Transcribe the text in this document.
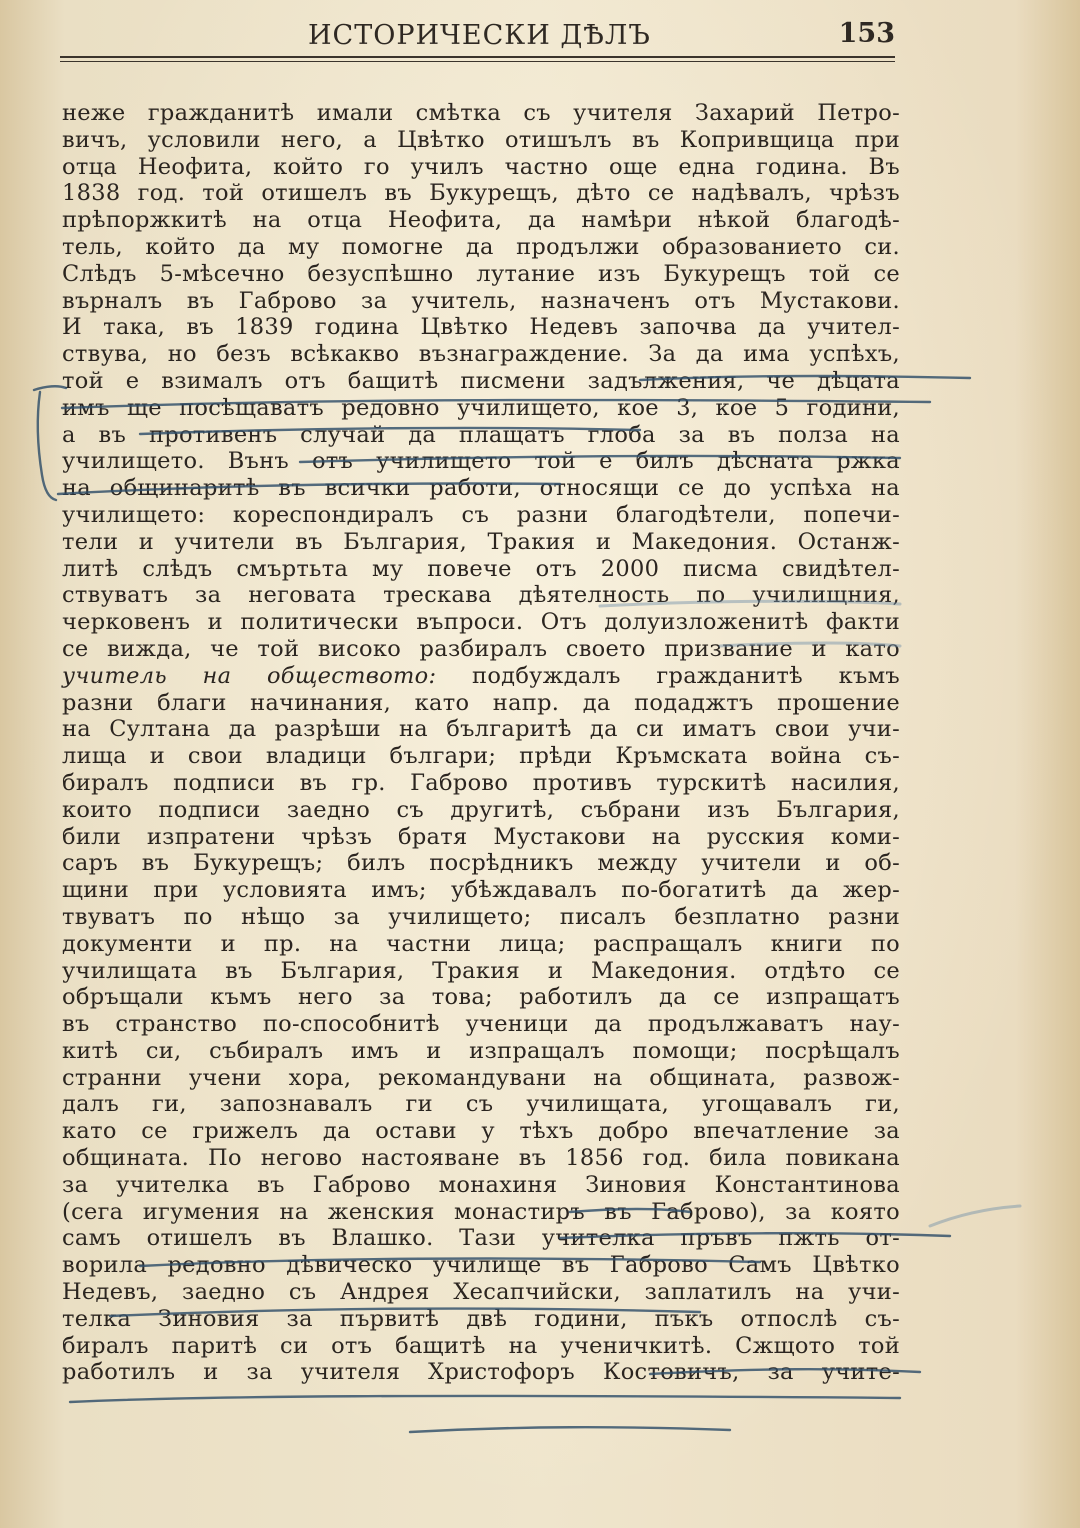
ИСТОРИЧЕСКИ ДѢЛЪ	153
неже гражданитѣ имали смѣтка съ учителя Захарий Петро-
вичъ, условили него, а Цвѣтко отишълъ въ Копривщица при
отца Неофита, който го училъ частно още една година. Въ
1838 год. той отишелъ въ Букурещъ, дѣто се надѣвалъ, чрѣзъ
прѣпоржкитѣ на отца Неофита, да намѣри нѣкой благодѣ-
тель, който да му помогне да продължи образованието си.
Слѣдъ 5-мѣсечно безуспѣшно лутание изъ Букурещъ той се
върналъ въ Габрово за учитель, назначенъ отъ Мустакови.
И така, въ 1839 година Цвѣтко Недевъ започва да учител-
ствува, но безъ всѣкакво възнаграждение. За да има успѣхъ,
той е взималъ отъ бащитѣ писмени задължения, че дѣцата
имъ ще посѣщаватъ редовно училището, кое 3, кое 5 години,
а въ противенъ случай да плащатъ глоба за въ полза на
училището. Вънъ отъ училището той е билъ дѣсната ржка
на общинаритѣ въ всички работи, относящи се до успѣха на
училището: кореспондиралъ съ разни благодѣтели, попечи-
тели и учители въ България, Тракия и Македония. Останж-
литѣ слѣдъ смъртьта му повече отъ 2000 писма свидѣтел-
ствуватъ за неговата трескава дѣятелность по училищния,
черковенъ и политически въпроси. Отъ долуизложенитѣ факти
се вижда, че той високо разбиралъ своето призвание и като
учитель на обществото: подбуждалъ гражданитѣ къмъ
разни благи начинания, като напр. да подаджтъ прошение
на Султана да разрѣши на българитѣ да си иматъ свои учи-
лища и свои владици българи; прѣди Кръмската война съ-
биралъ подписи въ гр. Габрово противъ турскитѣ насилия,
които подписи заедно съ другитѣ, събрани изъ България,
били изпратени чрѣзъ братя Мустакови на русския коми-
саръ въ Букурещъ; билъ посрѣдникъ между учители и об-
щини при условията имъ; убѣждавалъ по-богатитѣ да жер-
твуватъ по нѣщо за училището; писалъ безплатно разни
документи и пр. на частни лица; распращалъ книги по
училищата въ България, Тракия и Македония. отдѣто се
обръщали къмъ него за това; работилъ да се изпращатъ
въ странство по-способнитѣ ученици да продължаватъ нау-
китѣ си, събиралъ имъ и изпращалъ помощи; посрѣщалъ
странни учени хора, рекомандувани на общината, развож-
далъ ги, запознавалъ ги съ училищата, угощавалъ ги,
като се грижелъ да остави у тѣхъ добро впечатление за
общината. По негово настояване въ 1856 год. била повикана
за учителка въ Габрово монахиня Зиновия Константинова
(сега игумения на женския монастиръ въ Габрово), за която
самъ отишелъ въ Влашко. Тази учителка пръвъ пжть от-
ворила редовно дѣвическо училище въ Габрово Самъ Цвѣтко
Недевъ, заедно съ Андрея Хесапчийски, заплатилъ на учи-
телка Зиновия за първитѣ двѣ години, пъкъ отпослѣ съ-
биралъ паритѣ си отъ бащитѣ на ученичкитѣ. Сжщото той
работилъ и за учителя Христофоръ Костовичъ, за учите-
